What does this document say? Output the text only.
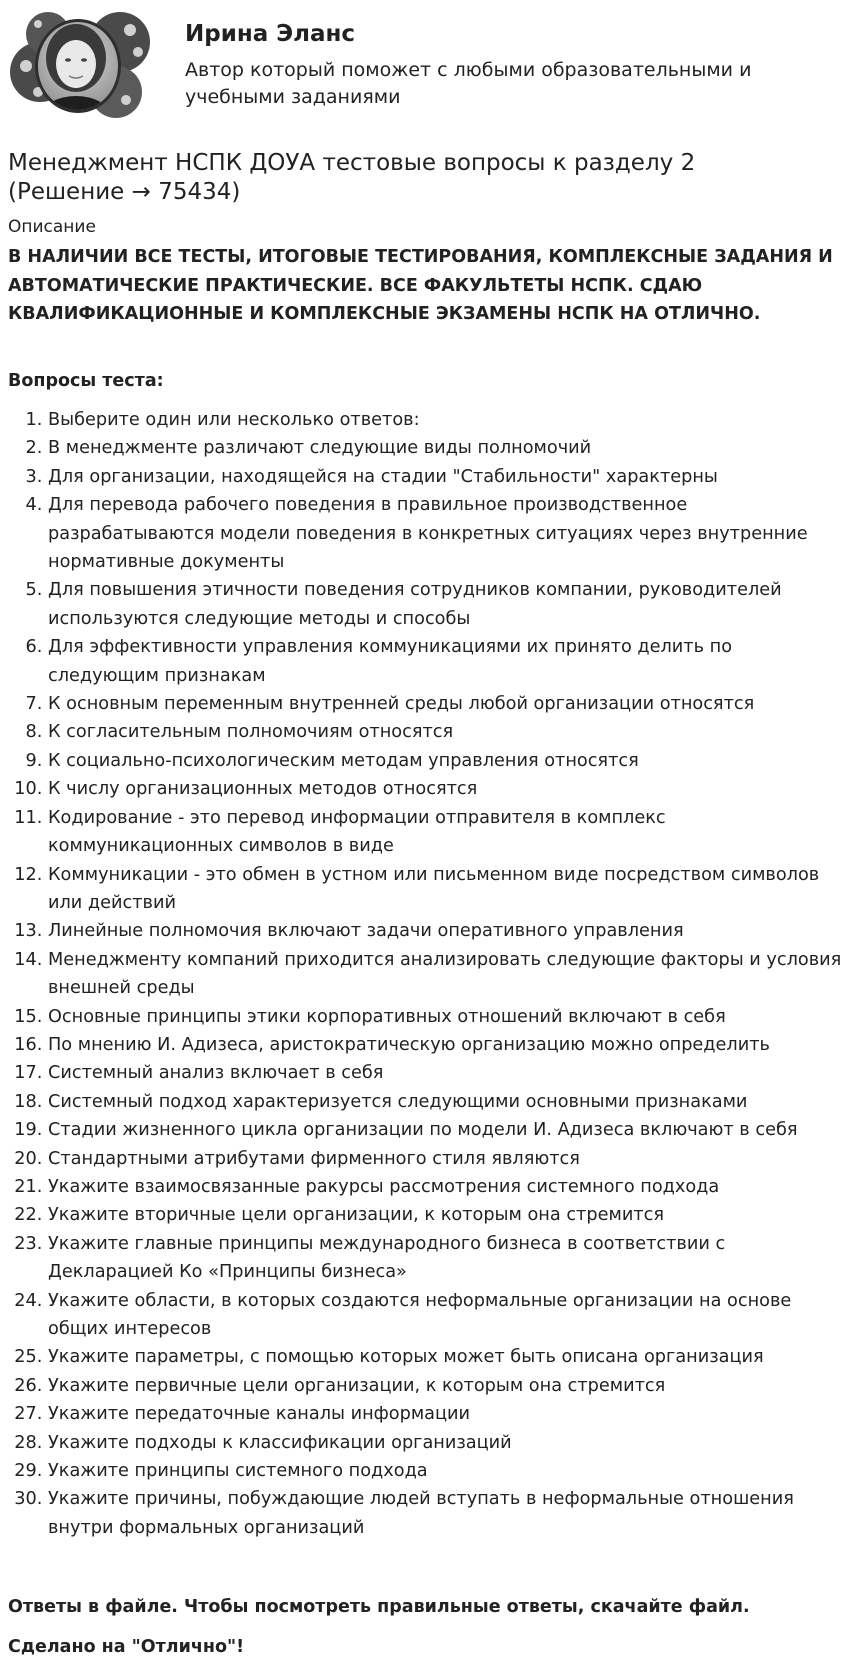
Ирина Эланс

Автор который поможет с любыми образовательными и учебными заданиями

Менеджмент НСПК ДОУА тестовые вопросы к разделу 2 (Решение → 75434)
Описание

В НАЛИЧИИ ВСЕ ТЕСТЫ, ИТОГОВЫЕ ТЕСТИРОВАНИЯ, КОМПЛЕКСНЫЕ ЗАДАНИЯ И АВТОМАТИЧЕСКИЕ ПРАКТИЧЕСКИЕ. ВСЕ ФАКУЛЬТЕТЫ НСПК. СДАЮ КВАЛИФИКАЦИОННЫЕ И КОМПЛЕКСНЫЕ ЭКЗАМЕНЫ НСПК НА ОТЛИЧНО.

Вопросы теста:
1. Выберите один или несколько ответов:
2. В менеджменте различают следующие виды полномочий
3. Для организации, находящейся на стадии "Стабильности" характерны
4. Для перевода рабочего поведения в правильное производственное разрабатываются модели поведения в конкретных ситуациях через внутренние нормативные документы
5. Для повышения этичности поведения сотрудников компании, руководителей используются следующие методы и способы
6. Для эффективности управления коммуникациями их принято делить по следующим признакам
7. К основным переменным внутренней среды любой организации относятся
8. К согласительным полномочиям относятся
9. К социально-психологическим методам управления относятся
10. К числу организационных методов относятся
11. Кодирование - это перевод информации отправителя в комплекс коммуникационных символов в виде
12. Коммуникации - это обмен в устном или письменном виде посредством символов или действий
13. Линейные полномочия включают задачи оперативного управления
14. Менеджменту компаний приходится анализировать следующие факторы и условия внешней среды
15. Основные принципы этики корпоративных отношений включают в себя
16. По мнению И. Адизеса, аристократическую организацию можно определить
17. Системный анализ включает в себя
18. Системный подход характеризуется следующими основными признаками
19. Стадии жизненного цикла организации по модели И. Адизеса включают в себя
20. Стандартными атрибутами фирменного стиля являются
21. Укажите взаимосвязанные ракурсы рассмотрения системного подхода
22. Укажите вторичные цели организации, к которым она стремится
23. Укажите главные принципы международного бизнеса в соответствии с Декларацией Ко «Принципы бизнеса»
24. Укажите области, в которых создаются неформальные организации на основе общих интересов
25. Укажите параметры, с помощью которых может быть описана организация
26. Укажите первичные цели организации, к которым она стремится
27. Укажите передаточные каналы информации
28. Укажите подходы к классификации организаций
29. Укажите принципы системного подхода
30. Укажите причины, побуждающие людей вступать в неформальные отношения внутри формальных организаций
Ответы в файле. Чтобы посмотреть правильные ответы, скачайте файл.
Сделано на "Отлично"!
